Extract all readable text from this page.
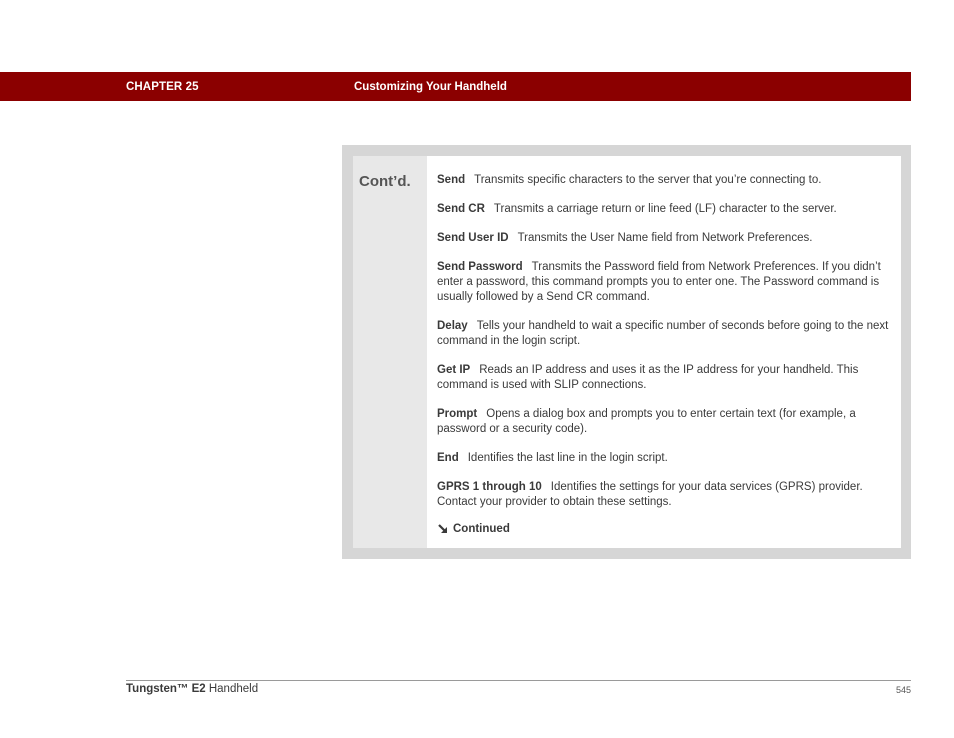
CHAPTER 25	Customizing Your Handheld
Cont’d. Send Transmits specific characters to the server that you’re connecting to.

Send CR Transmits a carriage return or line feed (LF) character to the server.

Send User ID Transmits the User Name field from Network Preferences.

Send Password Transmits the Password field from Network Preferences. If you didn’t enter a password, this command prompts you to enter one. The Password command is usually followed by a Send CR command.

Delay Tells your handheld to wait a specific number of seconds before going to the next command in the login script.

Get IP Reads an IP address and uses it as the IP address for your handheld. This command is used with SLIP connections.

Prompt Opens a dialog box and prompts you to enter certain text (for example, a password or a security code).

End Identifies the last line in the login script.

GPRS 1 through 10 Identifies the settings for your data services (GPRS) provider. Contact your provider to obtain these settings.

Continued
Tungsten™ E2 Handheld	545
